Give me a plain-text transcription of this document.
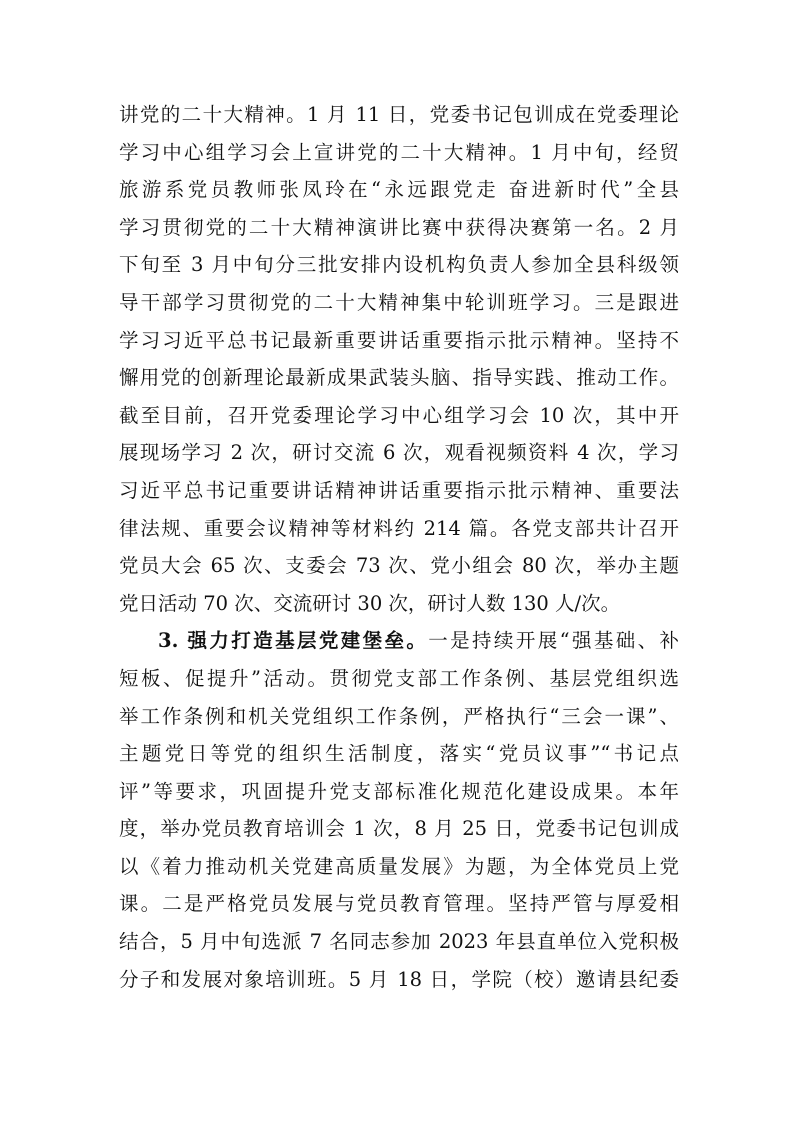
讲党的二十大精神。1 月 11 日，党委书记包训成在党委理论
学习中心组学习会上宣讲党的二十大精神。1 月中旬，经贸
旅游系党员教师张凤玲在“永远跟党走 奋进新时代”全县
学习贯彻党的二十大精神演讲比赛中获得决赛第一名。2 月
下旬至 3 月中旬分三批安排内设机构负责人参加全县科级领
导干部学习贯彻党的二十大精神集中轮训班学习。三是跟进
学习习近平总书记最新重要讲话重要指示批示精神。坚持不
懈用党的创新理论最新成果武装头脑、指导实践、推动工作。
截至目前，召开党委理论学习中心组学习会 10 次，其中开
展现场学习 2 次，研讨交流 6 次，观看视频资料 4 次，学习
习近平总书记重要讲话精神讲话重要指示批示精神、重要法
律法规、重要会议精神等材料约 214 篇。各党支部共计召开
党员大会 65 次、支委会 73 次、党小组会 80 次，举办主题
党日活动 70 次、交流研讨 30 次，研讨人数 130 人/次。
3. 强力打造基层党建堡垒。一是持续开展“强基础、补
短板、促提升”活动。贯彻党支部工作条例、基层党组织选
举工作条例和机关党组织工作条例，严格执行“三会一课”、
主题党日等党的组织生活制度，落实“党员议事”“书记点
评”等要求，巩固提升党支部标准化规范化建设成果。本年
度，举办党员教育培训会 1 次，8 月 25 日，党委书记包训成
以《着力推动机关党建高质量发展》为题，为全体党员上党
课。二是严格党员发展与党员教育管理。坚持严管与厚爱相
结合，5 月中旬选派 7 名同志参加 2023 年县直单位入党积极
分子和发展对象培训班。5 月 18 日，学院（校）邀请县纪委
